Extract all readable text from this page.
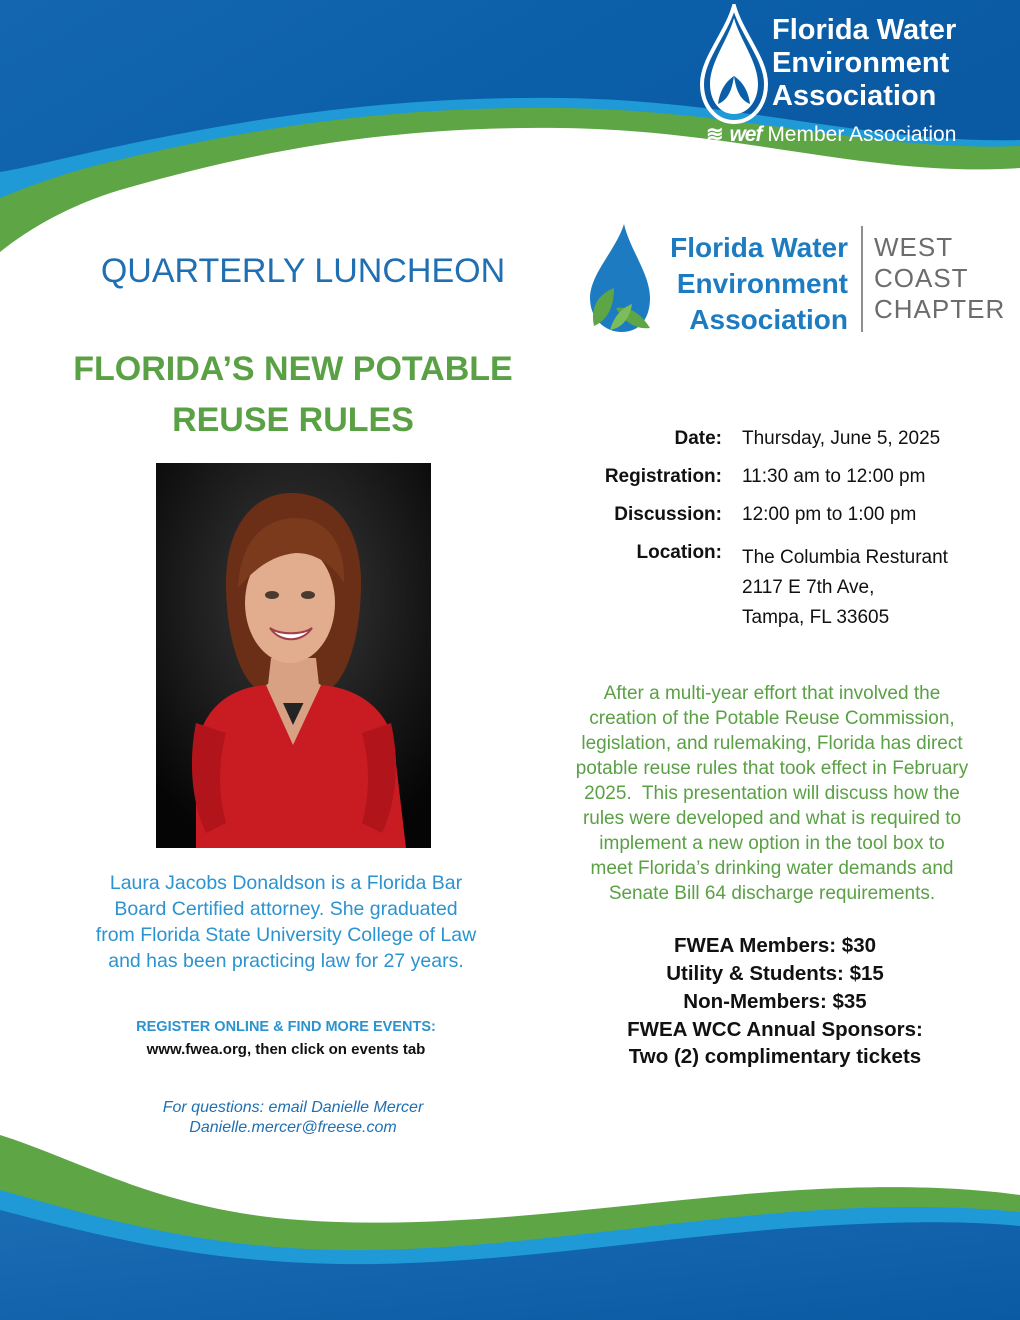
Florida Water
Environment
Association
≋ wef Member Association
Florida Water
Environment
Association
WEST
COAST
CHAPTER
QUARTERLY LUNCHEON
FLORIDA’S NEW POTABLE
REUSE RULES	Date: Thursday, June 5, 2025
Registration: 11:30 am to 12:00 pm
Discussion: 12:00 pm to 1:00 pm
Location: The Columbia Resturant
2117 E 7th Ave,
Tampa, FL 33605
After a multi-year effort that involved the
creation of the Potable Reuse Commission,
legislation, and rulemaking, Florida has direct
potable reuse rules that took effect in February
2025.  This presentation will discuss how the
rules were developed and what is required to
implement a new option in the tool box to
meet Florida’s drinking water demands and
Senate Bill 64 discharge requirements.
FWEA Members: $30
Utility & Students: $15
Non-Members: $35
FWEA WCC Annual Sponsors:
Two (2) complimentary tickets
Laura Jacobs Donaldson is a Florida Bar
Board Certified attorney. She graduated
from Florida State University College of Law
and has been practicing law for 27 years.
REGISTER ONLINE & FIND MORE EVENTS:
www.fwea.org, then click on events tab
For questions: email Danielle Mercer
Danielle.mercer@freese.com
